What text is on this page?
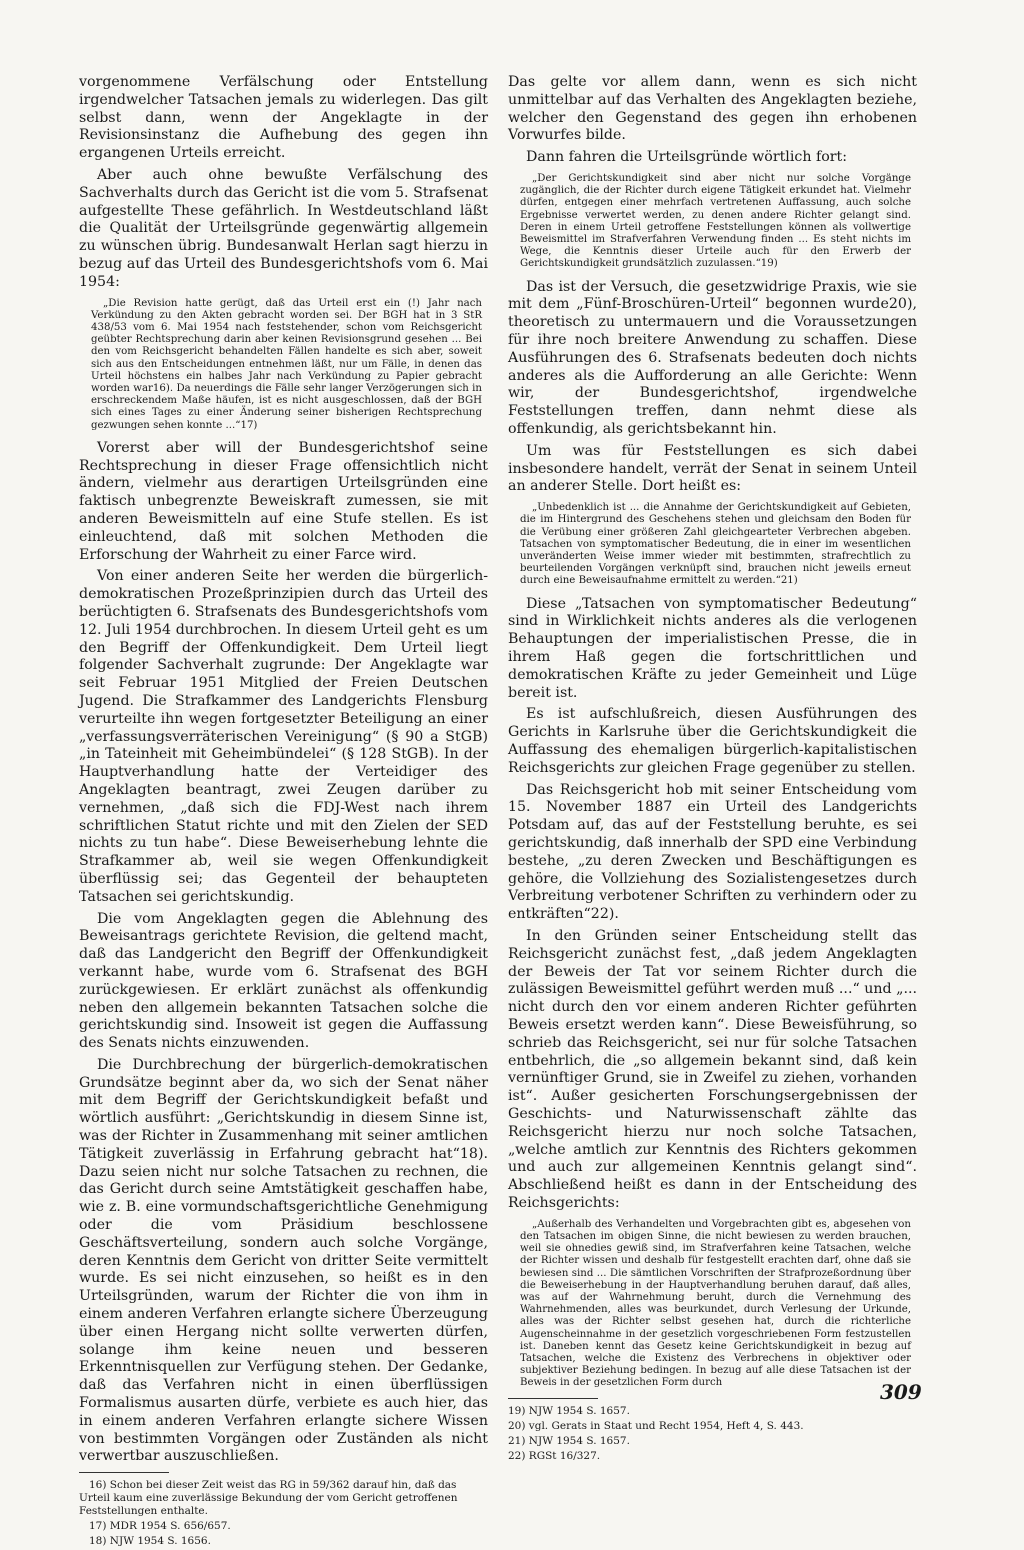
vorgenommene Verfälschung oder Entstellung irgendwelcher Tatsachen jemals zu widerlegen. Das gilt selbst dann, wenn der Angeklagte in der Revisionsinstanz die Aufhebung des gegen ihn ergangenen Urteils erreicht.

Aber auch ohne bewußte Verfälschung des Sachverhalts durch das Gericht ist die vom 5. Strafsenat aufgestellte These gefährlich. In Westdeutschland läßt die Qualität der Urteilsgründe gegenwärtig allgemein zu wünschen übrig. Bundesanwalt Herlan sagt hierzu in bezug auf das Urteil des Bundesgerichtshofs vom 6. Mai 1954:

„Die Revision hatte gerügt, daß das Urteil erst ein (!) Jahr nach Verkündung zu den Akten gebracht worden sei. Der BGH hat in 3 StR 438/53 vom 6. Mai 1954 nach feststehender, schon vom Reichsgericht geübter Rechtsprechung darin aber keinen Revisionsgrund gesehen ... Bei den vom Reichsgericht behandelten Fällen handelte es sich aber, soweit sich aus den Entscheidungen entnehmen läßt, nur um Fälle, in denen das Urteil höchstens ein halbes Jahr nach Verkündung zu Papier gebracht worden war16). Da neuerdings die Fälle sehr langer Verzögerungen sich in erschreckendem Maße häufen, ist es nicht ausgeschlossen, daß der BGH sich eines Tages zu einer Änderung seiner bisherigen Rechtsprechung gezwungen sehen konnte ...“17)

Vorerst aber will der Bundesgerichtshof seine Rechtsprechung in dieser Frage offensichtlich nicht ändern, vielmehr aus derartigen Urteilsgründen eine faktisch unbegrenzte Beweiskraft zumessen, sie mit anderen Beweismitteln auf eine Stufe stellen. Es ist einleuchtend, daß mit solchen Methoden die Erforschung der Wahrheit zu einer Farce wird.

Von einer anderen Seite her werden die bürgerlich-demokratischen Prozeßprinzipien durch das Urteil des berüchtigten 6. Strafsenats des Bundesgerichtshofs vom 12. Juli 1954 durchbrochen. In diesem Urteil geht es um den Begriff der Offenkundigkeit. Dem Urteil liegt folgender Sachverhalt zugrunde: Der Angeklagte war seit Februar 1951 Mitglied der Freien Deutschen Jugend. Die Strafkammer des Landgerichts Flensburg verurteilte ihn wegen fortgesetzter Beteiligung an einer „verfassungsverräterischen Vereinigung“ (§ 90 a StGB) „in Tateinheit mit Geheimbündelei“ (§ 128 StGB). In der Hauptverhandlung hatte der Verteidiger des Angeklagten beantragt, zwei Zeugen darüber zu vernehmen, „daß sich die FDJ-West nach ihrem schriftlichen Statut richte und mit den Zielen der SED nichts zu tun habe“. Diese Beweiserhebung lehnte die Strafkammer ab, weil sie wegen Offenkundigkeit überflüssig sei; das Gegenteil der behaupteten Tatsachen sei gerichtskundig.

Die vom Angeklagten gegen die Ablehnung des Beweisantrags gerichtete Revision, die geltend macht, daß das Landgericht den Begriff der Offenkundigkeit verkannt habe, wurde vom 6. Strafsenat des BGH zurückgewiesen. Er erklärt zunächst als offenkundig neben den allgemein bekannten Tatsachen solche die gerichtskundig sind. Insoweit ist gegen die Auffassung des Senats nichts einzuwenden.

Die Durchbrechung der bürgerlich-demokratischen Grundsätze beginnt aber da, wo sich der Senat näher mit dem Begriff der Gerichtskundigkeit befaßt und wörtlich ausführt: „Gerichtskundig in diesem Sinne ist, was der Richter in Zusammenhang mit seiner amtlichen Tätigkeit zuverlässig in Erfahrung gebracht hat“18). Dazu seien nicht nur solche Tatsachen zu rechnen, die das Gericht durch seine Amtstätigkeit geschaffen habe, wie z. B. eine vormundschaftsgerichtliche Genehmigung oder die vom Präsidium beschlossene Geschäftsverteilung, sondern auch solche Vorgänge, deren Kenntnis dem Gericht von dritter Seite vermittelt wurde. Es sei nicht einzusehen, so heißt es in den Urteilsgründen, warum der Richter die von ihm in einem anderen Verfahren erlangte sichere Überzeugung über einen Hergang nicht sollte verwerten dürfen, solange ihm keine neuen und besseren Erkenntnisquellen zur Verfügung stehen. Der Gedanke, daß das Verfahren nicht in einen überflüssigen Formalismus ausarten dürfe, verbiete es auch hier, das in einem anderen Verfahren erlangte sichere Wissen von bestimmten Vorgängen oder Zuständen als nicht verwertbar auszuschließen.

16) Schon bei dieser Zeit weist das RG in 59/362 darauf hin, daß das Urteil kaum eine zuverlässige Bekundung der vom Gericht getroffenen Feststellungen enthalte.
17) MDR 1954 S. 656/657.
18) NJW 1954 S. 1656.

Das gelte vor allem dann, wenn es sich nicht unmittelbar auf das Verhalten des Angeklagten beziehe, welcher den Gegenstand des gegen ihn erhobenen Vorwurfes bilde.

Dann fahren die Urteilsgründe wörtlich fort:

„Der Gerichtskundigkeit sind aber nicht nur solche Vorgänge zugänglich, die der Richter durch eigene Tätigkeit erkundet hat. Vielmehr dürfen, entgegen einer mehrfach vertretenen Auffassung, auch solche Ergebnisse verwertet werden, zu denen andere Richter gelangt sind. Deren in einem Urteil getroffene Feststellungen können als vollwertige Beweismittel im Strafverfahren Verwendung finden ... Es steht nichts im Wege, die Kenntnis dieser Urteile auch für den Erwerb der Gerichtskundigkeit grundsätzlich zuzulassen.“19)

Das ist der Versuch, die gesetzwidrige Praxis, wie sie mit dem „Fünf-Broschüren-Urteil“ begonnen wurde20), theoretisch zu untermauern und die Voraussetzungen für ihre noch breitere Anwendung zu schaffen. Diese Ausführungen des 6. Strafsenats bedeuten doch nichts anderes als die Aufforderung an alle Gerichte: Wenn wir, der Bundesgerichtshof, irgendwelche Feststellungen treffen, dann nehmt diese als offenkundig, als gerichtsbekannt hin.

Um was für Feststellungen es sich dabei insbesondere handelt, verrät der Senat in seinem Unteil an anderer Stelle. Dort heißt es:

„Unbedenklich ist ... die Annahme der Gerichtskundigkeit auf Gebieten, die im Hintergrund des Geschehens stehen und gleichsam den Boden für die Verübung einer größeren Zahl gleichgearteter Verbrechen abgeben. Tatsachen von symptomatischer Bedeutung, die in einer im wesentlichen unveränderten Weise immer wieder mit bestimmten, strafrechtlich zu beurteilenden Vorgängen verknüpft sind, brauchen nicht jeweils erneut durch eine Beweisaufnahme ermittelt zu werden.“21)

Diese „Tatsachen von symptomatischer Bedeutung“ sind in Wirklichkeit nichts anderes als die verlogenen Behauptungen der imperialistischen Presse, die in ihrem Haß gegen die fortschrittlichen und demokratischen Kräfte zu jeder Gemeinheit und Lüge bereit ist.

Es ist aufschlußreich, diesen Ausführungen des Gerichts in Karlsruhe über die Gerichtskundigkeit die Auffassung des ehemaligen bürgerlich-kapitalistischen Reichsgerichts zur gleichen Frage gegenüber zu stellen.

Das Reichsgericht hob mit seiner Entscheidung vom 15. November 1887 ein Urteil des Landgerichts Potsdam auf, das auf der Feststellung beruhte, es sei gerichtskundig, daß innerhalb der SPD eine Verbindung bestehe, „zu deren Zwecken und Beschäftigungen es gehöre, die Vollziehung des Sozialistengesetzes durch Verbreitung verbotener Schriften zu verhindern oder zu entkräften“22).

In den Gründen seiner Entscheidung stellt das Reichsgericht zunächst fest, „daß jedem Angeklagten der Beweis der Tat vor seinem Richter durch die zulässigen Beweismittel geführt werden muß ...“ und „... nicht durch den vor einem anderen Richter geführten Beweis ersetzt werden kann“. Diese Beweisführung, so schrieb das Reichsgericht, sei nur für solche Tatsachen entbehrlich, die „so allgemein bekannt sind, daß kein vernünftiger Grund, sie in Zweifel zu ziehen, vorhanden ist“. Außer gesicherten Forschungsergebnissen der Geschichts- und Naturwissenschaft zählte das Reichsgericht hierzu nur noch solche Tatsachen, „welche amtlich zur Kenntnis des Richters gekommen und auch zur allgemeinen Kenntnis gelangt sind“. Abschließend heißt es dann in der Entscheidung des Reichsgerichts:

„Außerhalb des Verhandelten und Vorgebrachten gibt es, abgesehen von den Tatsachen im obigen Sinne, die nicht bewiesen zu werden brauchen, weil sie ohnedies gewiß sind, im Strafverfahren keine Tatsachen, welche der Richter wissen und deshalb für festgestellt erachten darf, ohne daß sie bewiesen sind ... Die sämtlichen Vorschriften der Strafprozeßordnung über die Beweiserhebung in der Hauptverhandlung beruhen darauf, daß alles, was auf der Wahrnehmung beruht, durch die Vernehmung des Wahrnehmenden, alles was beurkundet, durch Verlesung der Urkunde, alles was der Richter selbst gesehen hat, durch die richterliche Augenscheinnahme in der gesetzlich vorgeschriebenen Form festzustellen ist. Daneben kennt das Gesetz keine Gerichtskundigkeit in bezug auf Tatsachen, welche die Existenz des Verbrechens in objektiver oder subjektiver Beziehung bedingen. In bezug auf alle diese Tatsachen ist der Beweis in der gesetzlichen Form durch
19) NJW 1954 S. 1657.
20) vgl. Gerats in Staat und Recht 1954, Heft 4, S. 443.
21) NJW 1954 S. 1657.
22) RGSt 16/327.
309
